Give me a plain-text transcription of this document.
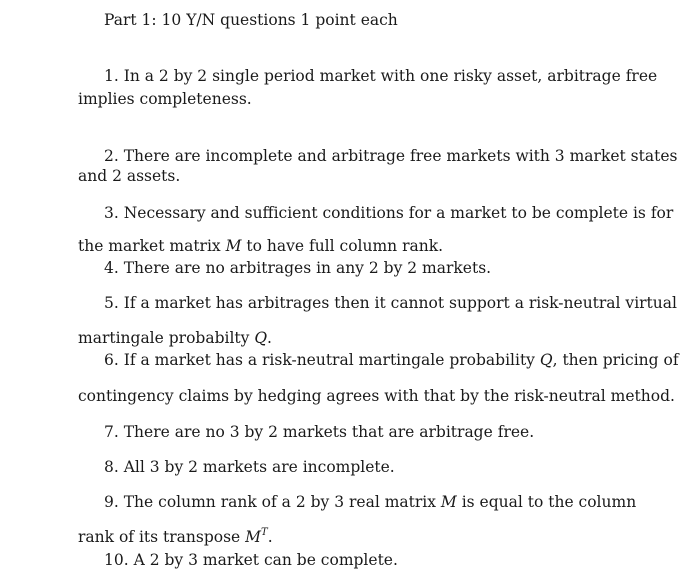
Part 1: 10 Y/N questions 1 point each
1. In a 2 by 2 single period market with one risky asset, arbitrage free
implies completeness.
2. There are incomplete and arbitrage free markets with 3 market states
and 2 assets.
3. Necessary and sufficient conditions for a market to be complete is for
the market matrix M to have full column rank.
4. There are no arbitrages in any 2 by 2 markets.
5. If a market has arbitrages then it cannot support a risk-neutral virtual
martingale probabilty Q.
6. If a market has a risk-neutral martingale probability Q, then pricing of
contingency claims by hedging agrees with that by the risk-neutral method.
7. There are no 3 by 2 markets that are arbitrage free.
8. All 3 by 2 markets are incomplete.
9. The column rank of a 2 by 3 real matrix M is equal to the column
rank of its transpose $M^T$.
10. A 2 by 3 market can be complete.
